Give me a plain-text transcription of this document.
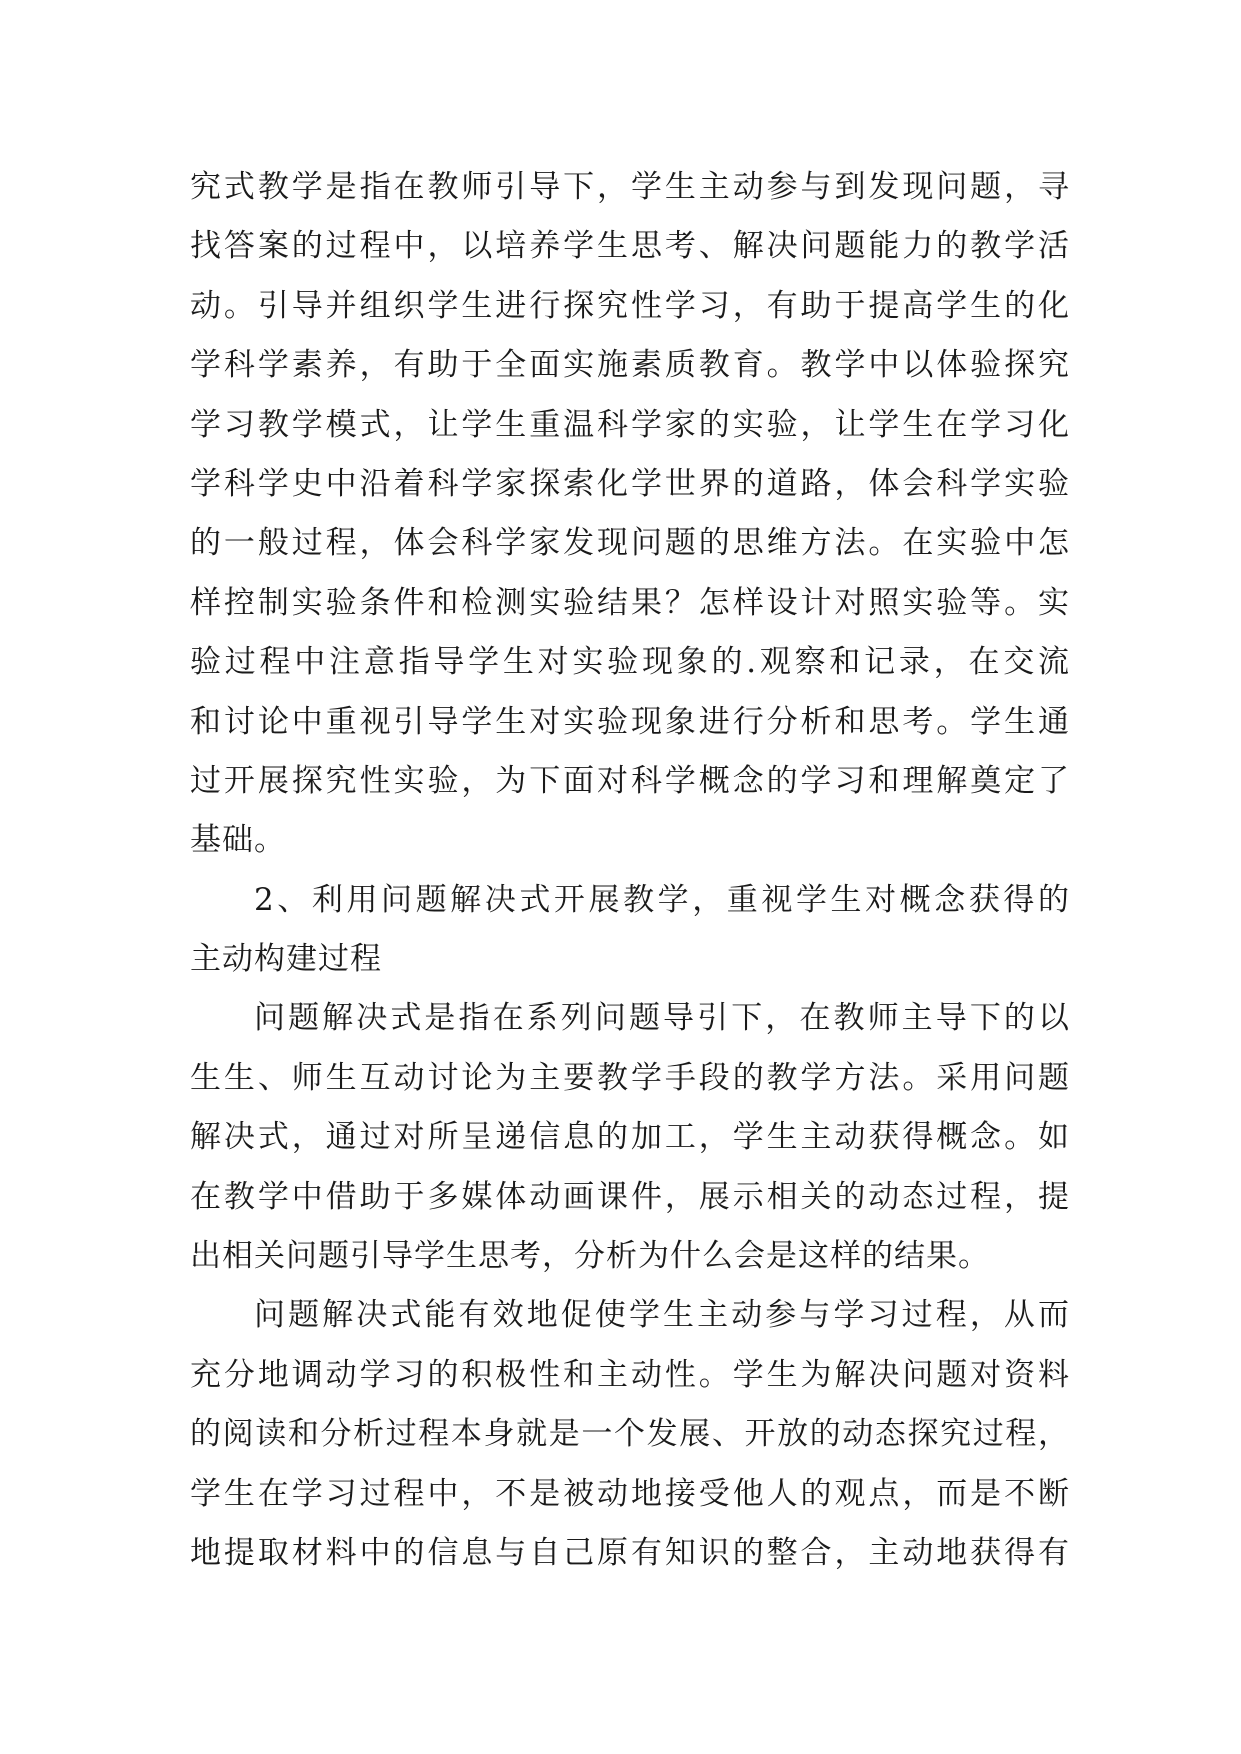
究式教学是指在教师引导下，学生主动参与到发现问题，寻
找答案的过程中，以培养学生思考、解决问题能力的教学活
动。引导并组织学生进行探究性学习，有助于提高学生的化
学科学素养，有助于全面实施素质教育。教学中以体验探究
学习教学模式，让学生重温科学家的实验，让学生在学习化
学科学史中沿着科学家探索化学世界的道路，体会科学实验
的一般过程，体会科学家发现问题的思维方法。在实验中怎
样控制实验条件和检测实验结果？怎样设计对照实验等。实
验过程中注意指导学生对实验现象的.观察和记录，在交流
和讨论中重视引导学生对实验现象进行分析和思考。学生通
过开展探究性实验，为下面对科学概念的学习和理解奠定了
基础。
2、利用问题解决式开展教学，重视学生对概念获得的
主动构建过程
问题解决式是指在系列问题导引下，在教师主导下的以
生生、师生互动讨论为主要教学手段的教学方法。采用问题
解决式，通过对所呈递信息的加工，学生主动获得概念。如
在教学中借助于多媒体动画课件，展示相关的动态过程，提
出相关问题引导学生思考，分析为什么会是这样的结果。
问题解决式能有效地促使学生主动参与学习过程，从而
充分地调动学习的积极性和主动性。学生为解决问题对资料
的阅读和分析过程本身就是一个发展、开放的动态探究过程，
学生在学习过程中，不是被动地接受他人的观点，而是不断
地提取材料中的信息与自己原有知识的整合，主动地获得有
